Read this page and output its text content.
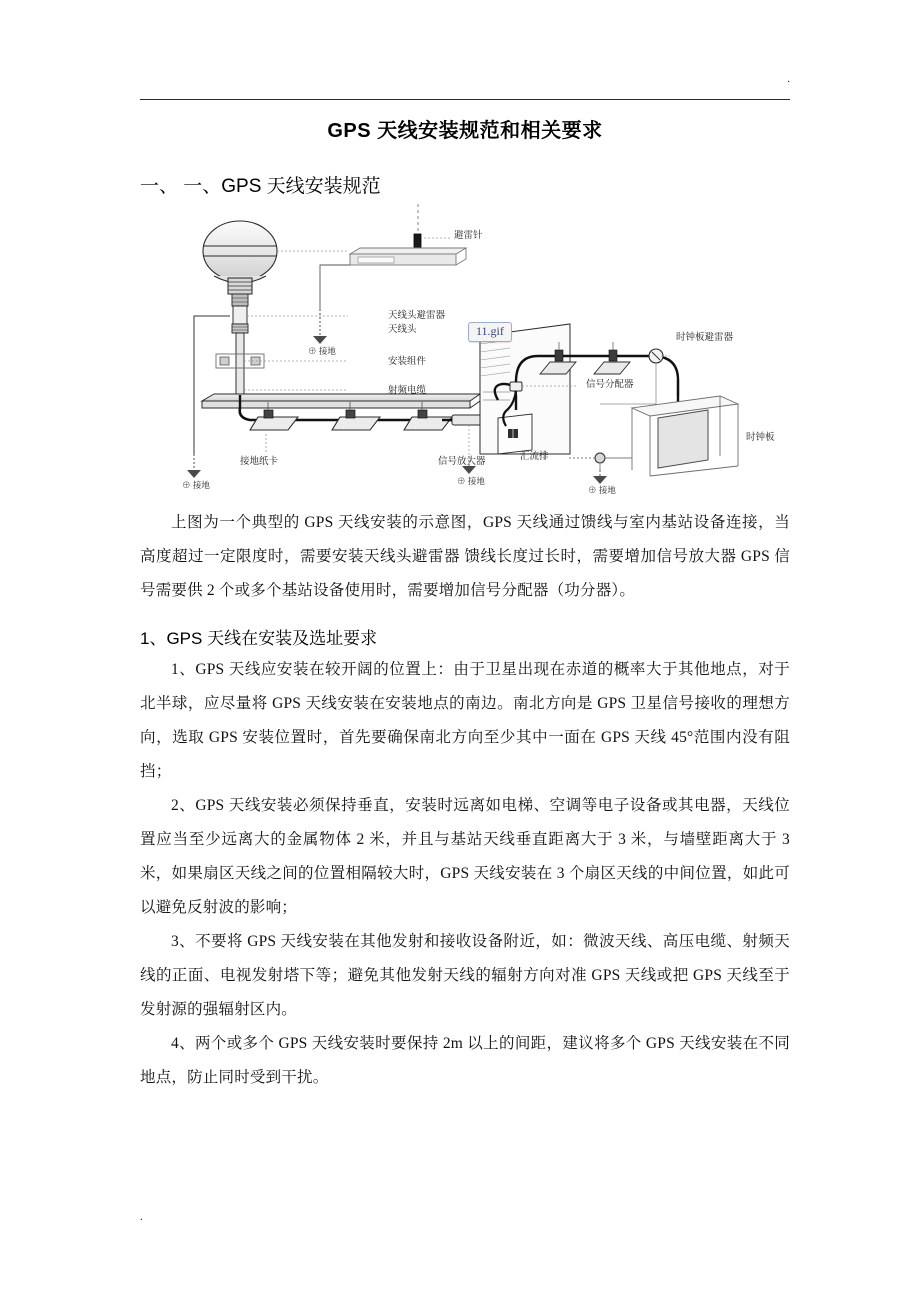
.
GPS 天线安装规范和相关要求
一、 一、GPS 天线安装规范
天线头
天线头避雷器
安装组件
射频电缆
接地纸卡	信号放大器
避雷针
信号分配器
汇流排
时钟板避雷器
时钟板
⊕ 接地
⊕ 接地
⊕ 接地
⊕ 接地
11.gif

上图为一个典型的 GPS 天线安装的示意图，GPS 天线通过馈线与室内基站设备连接，当高度超过一定限度时，需要安装天线头避雷器 馈线长度过长时，需要增加信号放大器 GPS 信号需要供 2 个或多个基站设备使用时，需要增加信号分配器（功分器）。

1、GPS 天线在安装及选址要求

1、GPS 天线应安装在较开阔的位置上：由于卫星出现在赤道的概率大于其他地点，对于北半球，应尽量将 GPS 天线安装在安装地点的南边。南北方向是 GPS 卫星信号接收的理想方向，选取 GPS 安装位置时，首先要确保南北方向至少其中一面在 GPS 天线 45°范围内没有阻挡；

2、GPS 天线安装必须保持垂直，安装时远离如电梯、空调等电子设备或其电器，天线位置应当至少远离大的金属物体 2 米，并且与基站天线垂直距离大于 3 米，与墙壁距离大于 3 米，如果扇区天线之间的位置相隔较大时，GPS 天线安装在 3 个扇区天线的中间位置，如此可以避免反射波的影响；

3、不要将 GPS 天线安装在其他发射和接收设备附近，如：微波天线、高压电缆、射频天线的正面、电视发射塔下等；避免其他发射天线的辐射方向对准 GPS 天线或把 GPS 天线至于发射源的强辐射区内。

4、两个或多个 GPS 天线安装时要保持 2m 以上的间距，建议将多个 GPS 天线安装在不同地点，防止同时受到干扰。

.
